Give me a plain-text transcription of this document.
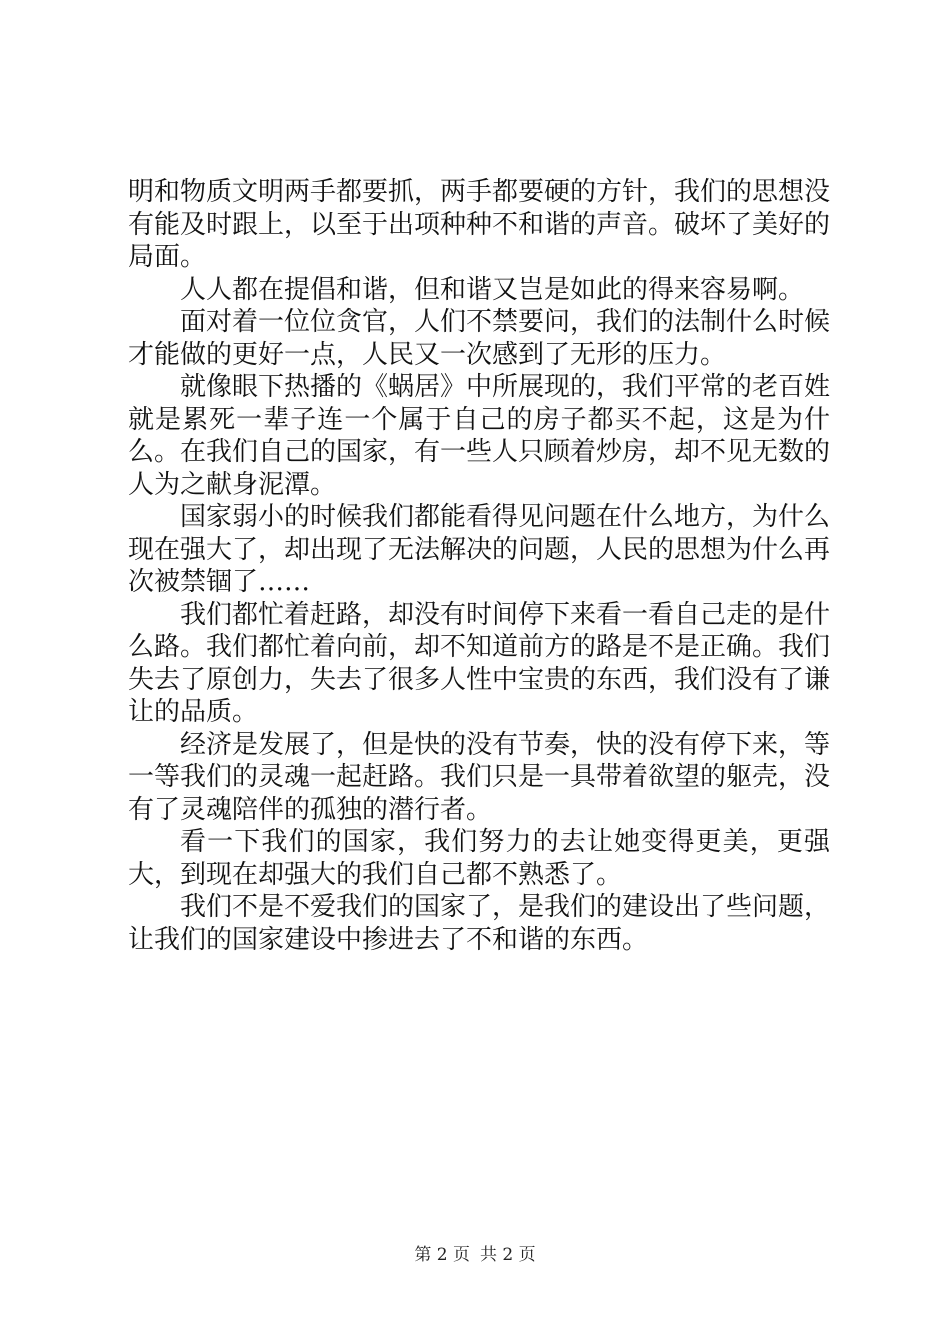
明和物质文明两手都要抓，两手都要硬的方针，我们的思想没有能及时跟上，以至于出项种种不和谐的声音。破坏了美好的局面。

人人都在提倡和谐，但和谐又岂是如此的得来容易啊。

面对着一位位贪官，人们不禁要问，我们的法制什么时候才能做的更好一点，人民又一次感到了无形的压力。

就像眼下热播的《蜗居》中所展现的，我们平常的老百姓就是累死一辈子连一个属于自己的房子都买不起，这是为什么。在我们自己的国家，有一些人只顾着炒房，却不见无数的人为之献身泥潭。

国家弱小的时候我们都能看得见问题在什么地方，为什么现在强大了，却出现了无法解决的问题，人民的思想为什么再次被禁锢了……

我们都忙着赶路，却没有时间停下来看一看自己走的是什么路。我们都忙着向前，却不知道前方的路是不是正确。我们失去了原创力，失去了很多人性中宝贵的东西，我们没有了谦让的品质。

经济是发展了，但是快的没有节奏，快的没有停下来，等一等我们的灵魂一起赶路。我们只是一具带着欲望的躯壳，没有了灵魂陪伴的孤独的潜行者。

看一下我们的国家，我们努力的去让她变得更美，更强大，到现在却强大的我们自己都不熟悉了。

我们不是不爱我们的国家了，是我们的建设出了些问题，让我们的国家建设中掺进去了不和谐的东西。

第 2 页 共 2 页
